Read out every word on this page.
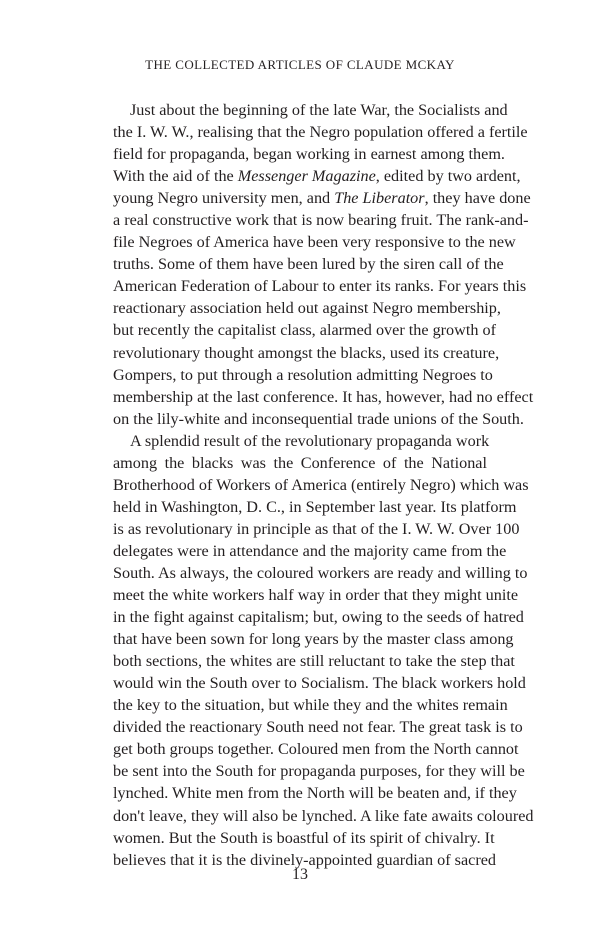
THE COLLECTED ARTICLES OF CLAUDE MCKAY
Just about the beginning of the late War, the Socialists and
the I. W. W., realising that the Negro population offered a fertile
field for propaganda, began working in earnest among them.
With the aid of the Messenger Magazine, edited by two ardent,
young Negro university men, and The Liberator, they have done
a real constructive work that is now bearing fruit. The rank-and-
file Negroes of America have been very responsive to the new
truths. Some of them have been lured by the siren call of the
American Federation of Labour to enter its ranks. For years this
reactionary association held out against Negro membership,
but recently the capitalist class, alarmed over the growth of
revolutionary thought amongst the blacks, used its creature,
Gompers, to put through a resolution admitting Negroes to
membership at the last conference. It has, however, had no effect
on the lily-white and inconsequential trade unions of the South.
A splendid result of the revolutionary propaganda work
among the blacks was the Conference of the National
Brotherhood of Workers of America (entirely Negro) which was
held in Washington, D. C., in September last year. Its platform
is as revolutionary in principle as that of the I. W. W. Over 100
delegates were in attendance and the majority came from the
South. As always, the coloured workers are ready and willing to
meet the white workers half way in order that they might unite
in the fight against capitalism; but, owing to the seeds of hatred
that have been sown for long years by the master class among
both sections, the whites are still reluctant to take the step that
would win the South over to Socialism. The black workers hold
the key to the situation, but while they and the whites remain
divided the reactionary South need not fear. The great task is to
get both groups together. Coloured men from the North cannot
be sent into the South for propaganda purposes, for they will be
lynched. White men from the North will be beaten and, if they
don't leave, they will also be lynched. A like fate awaits coloured
women. But the South is boastful of its spirit of chivalry. It
believes that it is the divinely-appointed guardian of sacred
13
